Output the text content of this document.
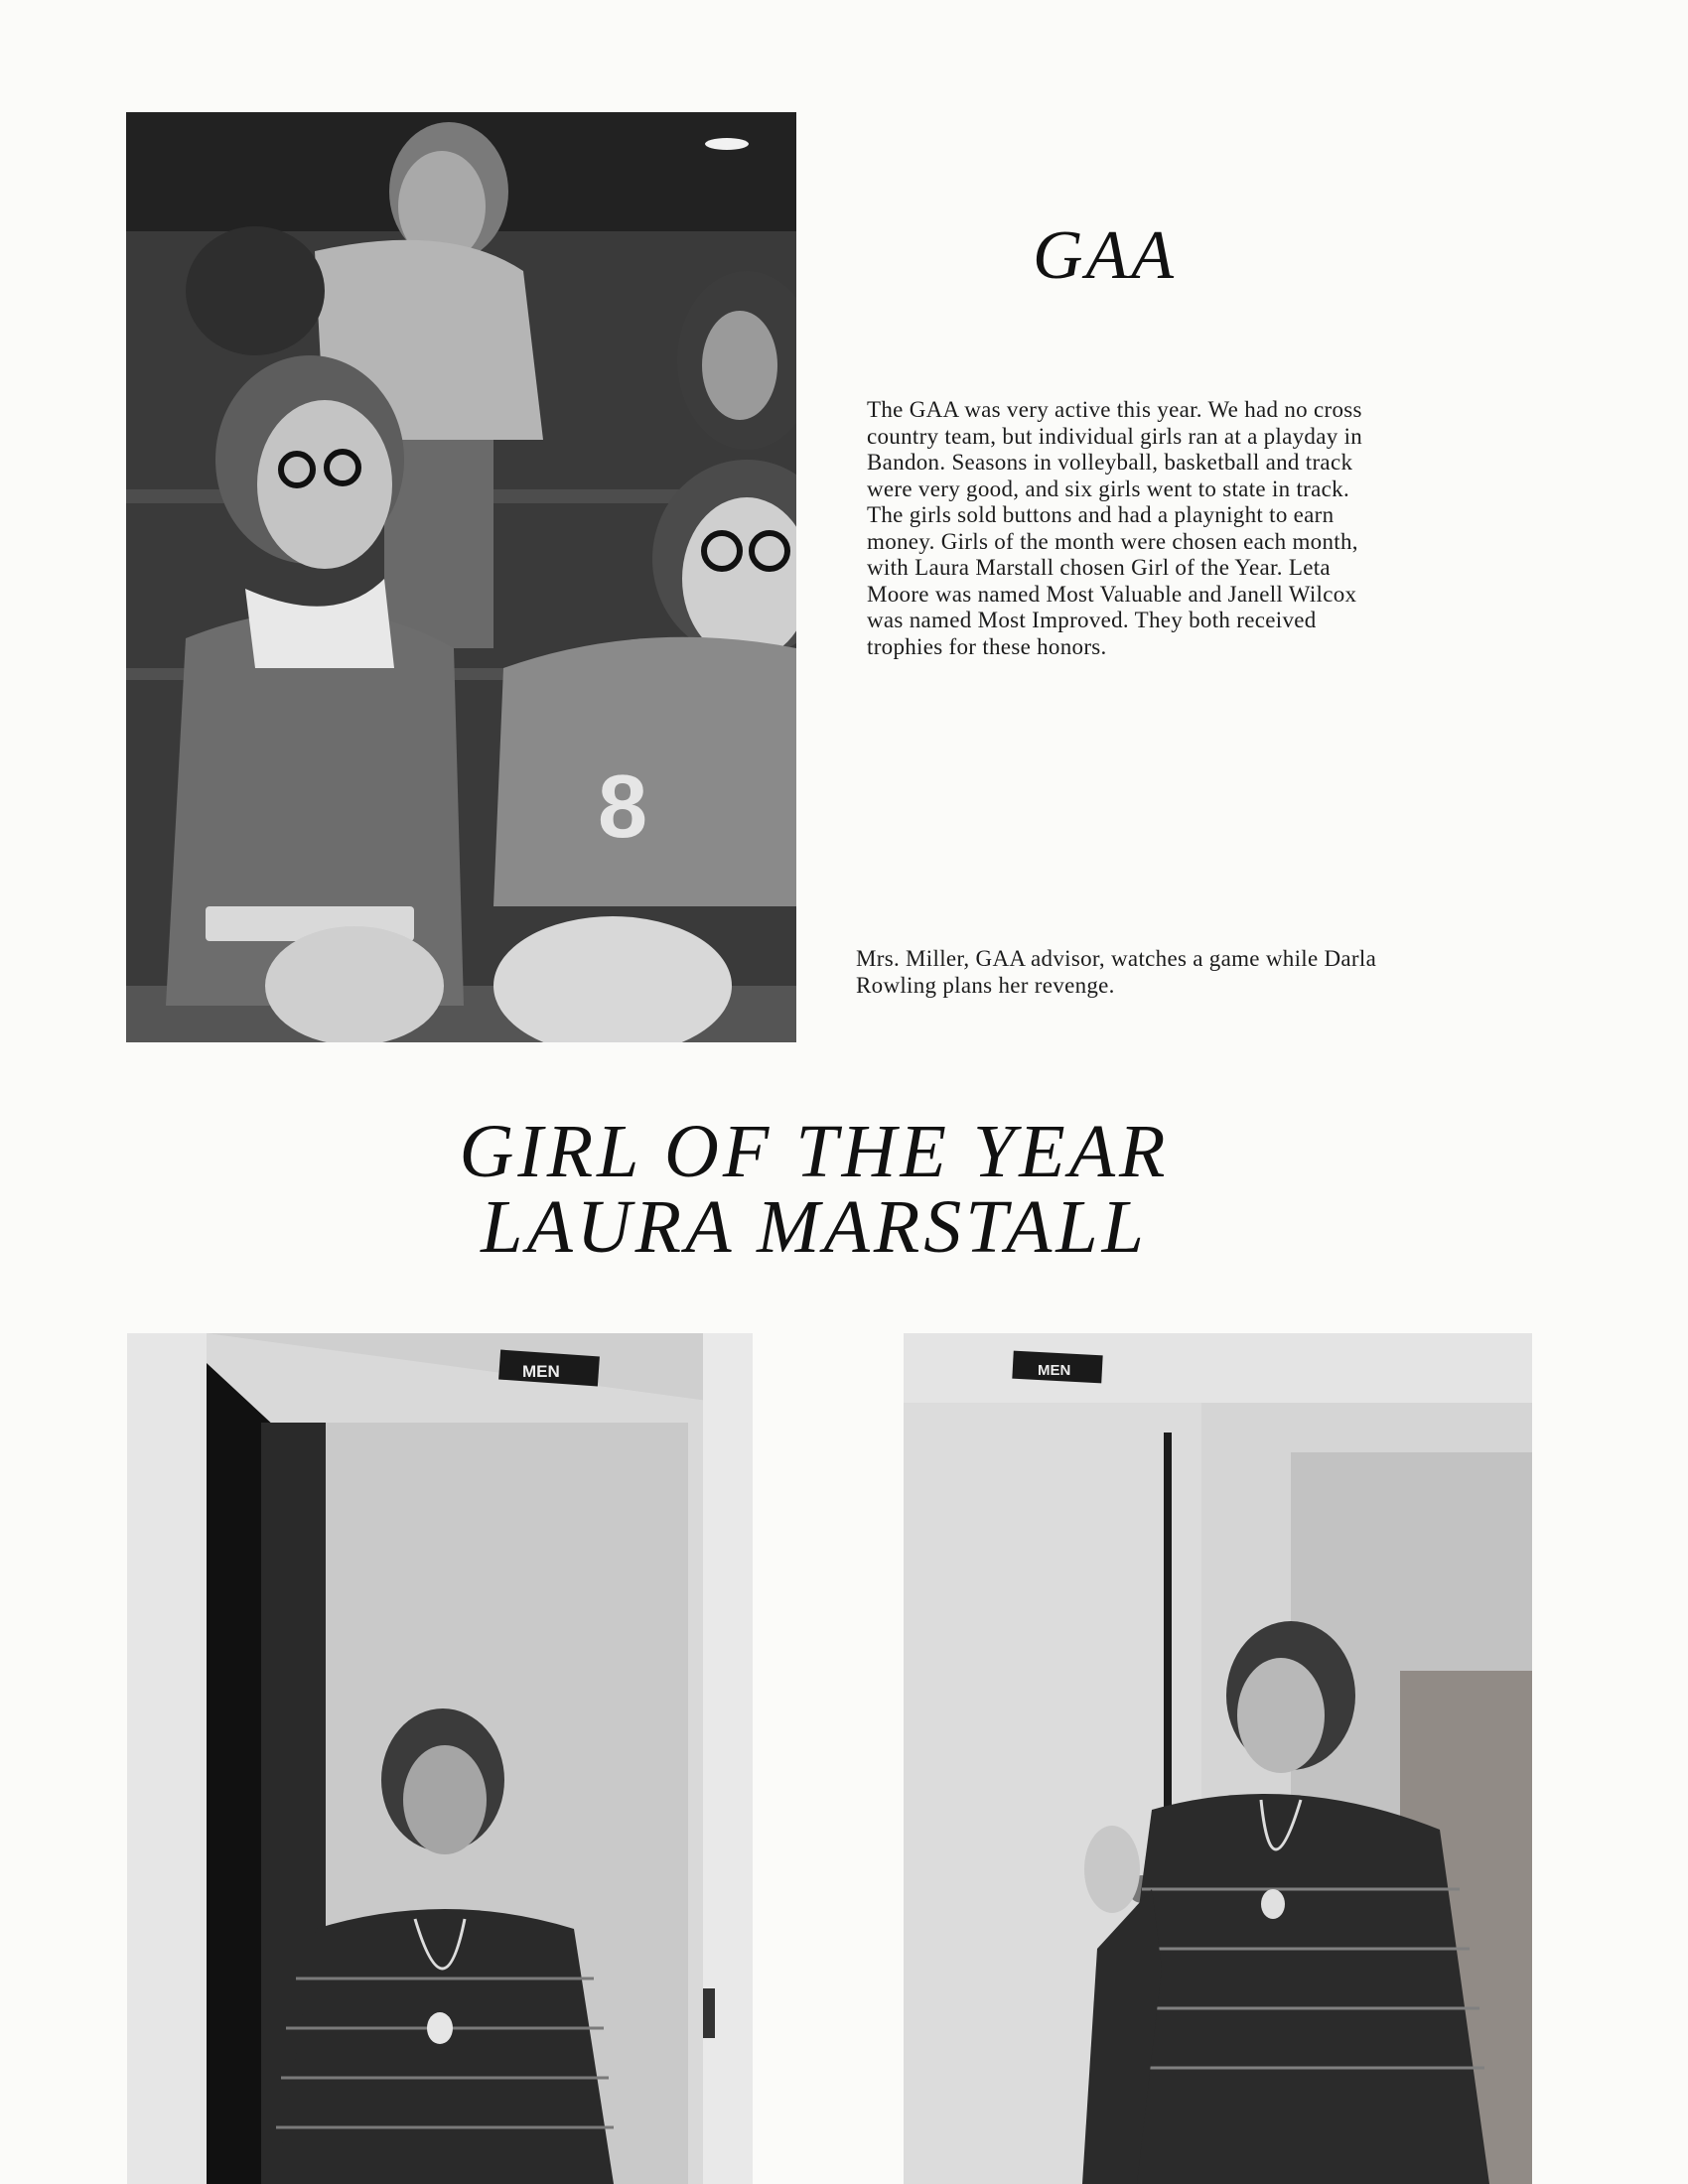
8
GAA

The GAA was very active this year. We had no cross country team, but individual girls ran at a playday in Bandon. Seasons in volleyball, basketball and track were very good, and six girls went to state in track. The girls sold buttons and had a playnight to earn money. Girls of the month were chosen each month, with Laura Marstall chosen Girl of the Year. Leta Moore was named Most Valuable and Janell Wilcox was named Most Improved. They both received trophies for these honors.

Mrs. Miller, GAA advisor, watches a game while Darla Rowling plans her revenge.

GIRL OF THE YEAR
LAURA MARSTALL
MEN	MEN
